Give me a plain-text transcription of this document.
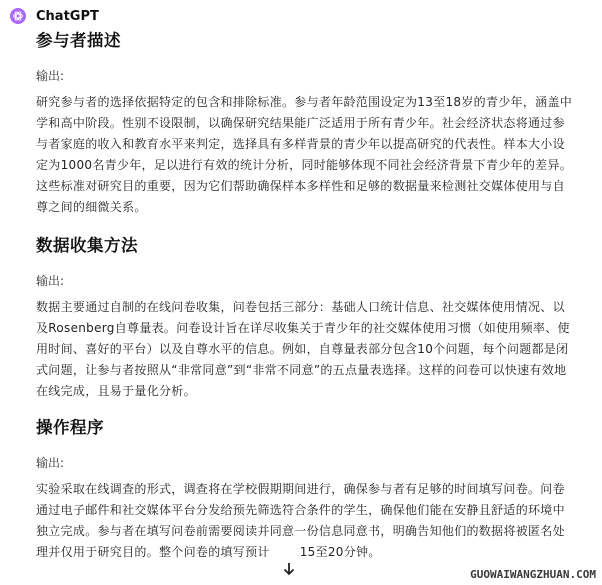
ChatGPT
参与者描述

输出:

研究参与者的选择依据特定的包含和排除标准。参与者年龄范围设定为13至18岁的青少年，涵盖中
学和高中阶段。性别不设限制，以确保研究结果能广泛适用于所有青少年。社会经济状态将通过参
与者家庭的收入和教育水平来判定，选择具有多样背景的青少年以提高研究的代表性。样本大小设
定为1000名青少年，足以进行有效的统计分析，同时能够体现不同社会经济背景下青少年的差异。
这些标准对研究目的重要，因为它们帮助确保样本多样性和足够的数据量来检测社交媒体使用与自
尊之间的细微关系。
数据收集方法

输出:

数据主要通过自制的在线问卷收集，问卷包括三部分：基础人口统计信息、社交媒体使用情况、以
及Rosenberg自尊量表。问卷设计旨在详尽收集关于青少年的社交媒体使用习惯（如使用频率、使
用时间、喜好的平台）以及自尊水平的信息。例如，自尊量表部分包含10个问题，每个问题都是闭
式问题，让参与者按照从“非常同意”到“非常不同意”的五点量表选择。这样的问卷可以快速有效地
在线完成，且易于量化分析。
操作程序

输出:

实验采取在线调查的形式，调查将在学校假期期间进行，确保参与者有足够的时间填写问卷。问卷
通过电子邮件和社交媒体平台分发给预先筛选符合条件的学生，确保他们能在安静且舒适的环境中
独立完成。参与者在填写问卷前需要阅读并同意一份信息同意书，明确告知他们的数据将被匿名处
理并仅用于研究目的。整个问卷的填写预计	15至20分钟。
GUOWAIWANGZHUAN.COM
